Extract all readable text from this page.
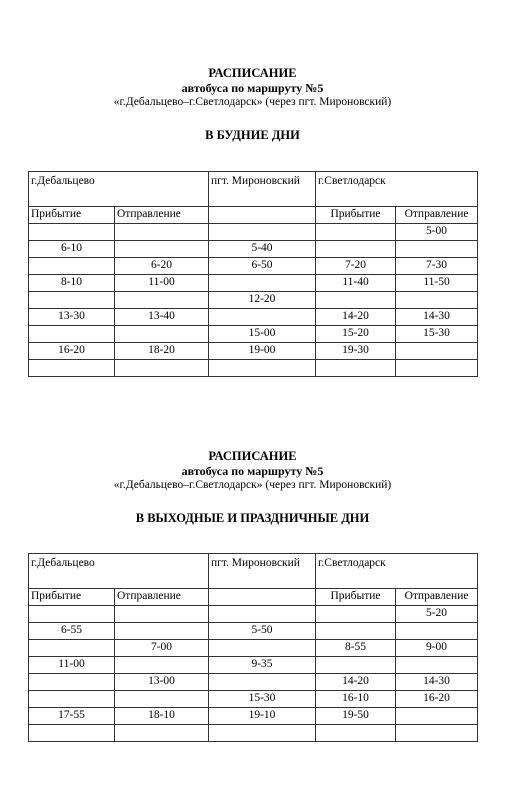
РАСПИСАНИЕ
автобуса по маршруту №5
«г.Дебальцево–г.Светлодарск» (через пгт. Мироновский)
В БУДНИЕ ДНИ
г.Дебальцево		пгт. Мироновский	г.Светлодарск	
Прибытие	Отправление		Прибытие	Отправление
				5-00
6-10		5-40		
	6-20	6-50	7-20	7-30
8-10	11-00		11-40	11-50
		12-20		
13-30	13-40		14-20	14-30
		15-00	15-20	15-30
16-20	18-20	19-00	19-30	

РАСПИСАНИЕ
автобуса по маршруту №5
«г.Дебальцево–г.Светлодарск» (через пгт. Мироновский)
В ВЫХОДНЫЕ И ПРАЗДНИЧНЫЕ ДНИ
г.Дебальцево		пгт. Мироновский	г.Светлодарск	
Прибытие	Отправление		Прибытие	Отправление
				5-20
6-55		5-50		
	7-00		8-55	9-00
11-00		9-35		
	13-00		14-20	14-30
		15-30	16-10	16-20
17-55	18-10	19-10	19-50	
